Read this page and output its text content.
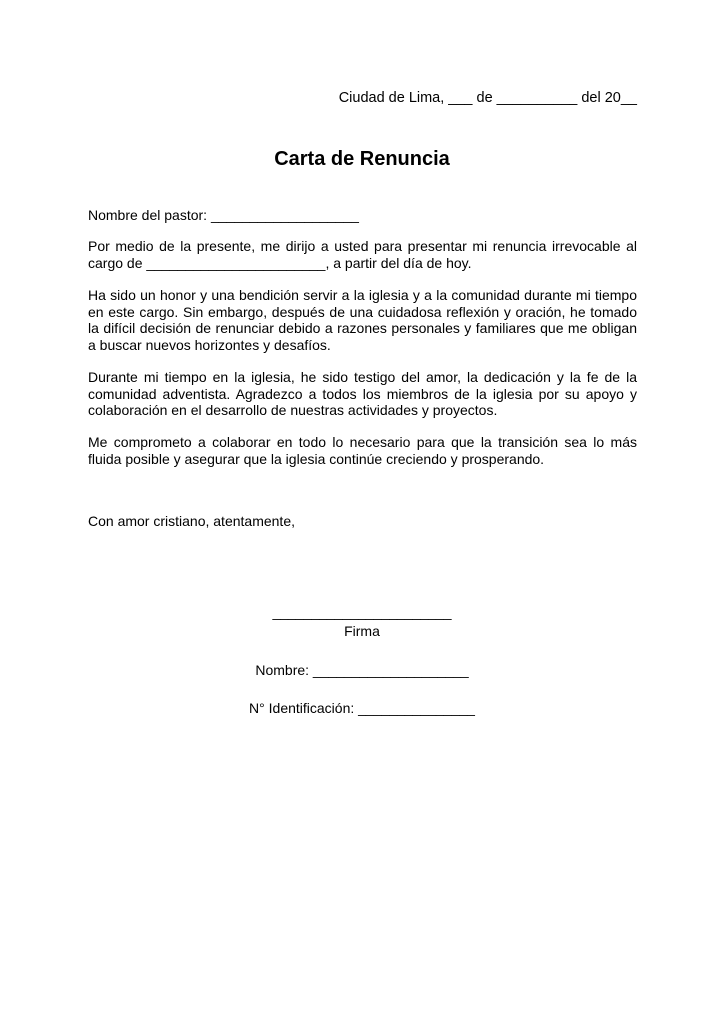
Ciudad de Lima, ___ de __________ del 20__
Carta de Renuncia

Nombre del pastor: ___________________

Por medio de la presente, me dirijo a usted para presentar mi renuncia irrevocable al cargo de _______________________, a partir del día de hoy.

Ha sido un honor y una bendición servir a la iglesia y a la comunidad durante mi tiempo en este cargo. Sin embargo, después de una cuidadosa reflexión y oración, he tomado la difícil decisión de renunciar debido a razones personales y familiares que me obligan a buscar nuevos horizontes y desafíos.

Durante mi tiempo en la iglesia, he sido testigo del amor, la dedicación y la fe de la comunidad adventista. Agradezco a todos los miembros de la iglesia por su apoyo y colaboración en el desarrollo de nuestras actividades y proyectos.

Me comprometo a colaborar en todo lo necesario para que la transición sea lo más fluida posible y asegurar que la iglesia continúe creciendo y prosperando.

Con amor cristiano, atentamente,

_______________________
Firma
Nombre: ____________________
N° Identificación: _______________
